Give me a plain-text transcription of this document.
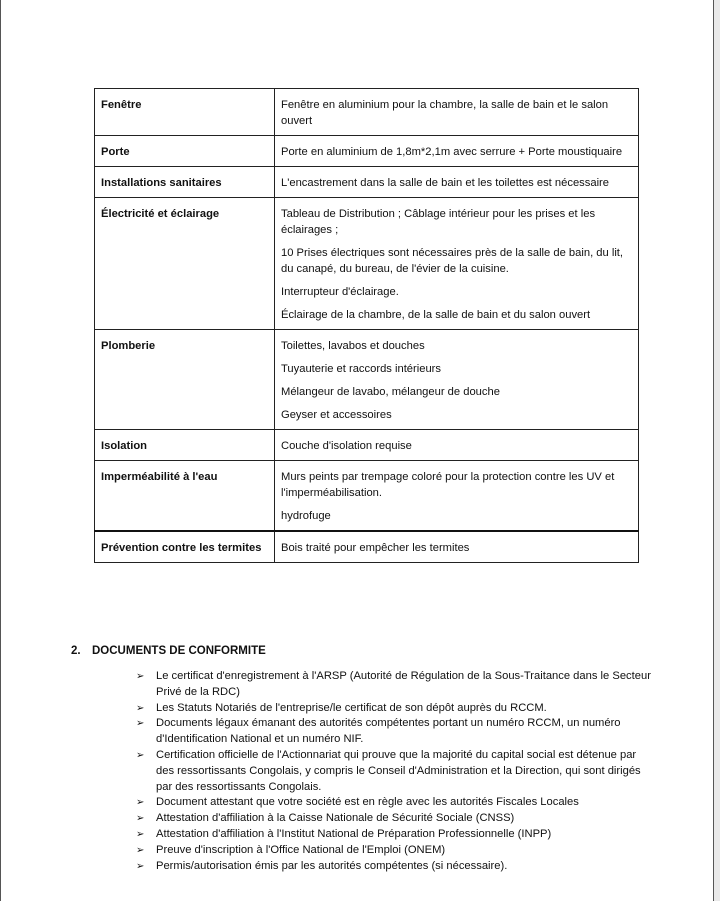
Fenêtre	Fenêtre en aluminium pour la chambre, la salle de bain et le salon ouvert

Porte	Porte en aluminium de 1,8m*2,1m avec serrure + Porte moustiquaire

Installations sanitaires	L'encastrement dans la salle de bain et les toilettes est nécessaire

Électricité et éclairage	Tableau de Distribution ; Câblage intérieur pour les prises et les éclairages ;

10 Prises électriques sont nécessaires près de la salle de bain, du lit, du canapé, du bureau, de l'évier de la cuisine.

Interrupteur d'éclairage.

Éclairage de la chambre, de la salle de bain et du salon ouvert

Plomberie	Toilettes, lavabos et douches

Tuyauterie et raccords intérieurs

Mélangeur de lavabo, mélangeur de douche

Geyser et accessoires

Isolation	Couche d'isolation requise

Imperméabilité à l'eau	Murs peints par trempage coloré pour la protection contre les UV et l'imperméabilisation.

hydrofuge

Prévention contre les termites	Bois traité pour empêcher les termites

2. DOCUMENTS DE CONFORMITE
➢ Le certificat d'enregistrement à l'ARSP (Autorité de Régulation de la Sous-Traitance dans le Secteur Privé de la RDC)
➢ Les Statuts Notariés de l'entreprise/le certificat de son dépôt auprès du RCCM.
➢ Documents légaux émanant des autorités compétentes portant un numéro RCCM, un numéro d'Identification National et un numéro NIF.
➢ Certification officielle de l'Actionnariat qui prouve que la majorité du capital social est détenue par des ressortissants Congolais, y compris le Conseil d'Administration et la Direction, qui sont dirigés par des ressortissants Congolais.
➢ Document attestant que votre société est en règle avec les autorités Fiscales Locales
➢ Attestation d'affiliation à la Caisse Nationale de Sécurité Sociale (CNSS)
➢ Attestation d'affiliation à l'Institut National de Préparation Professionnelle (INPP)
➢ Preuve d'inscription à l'Office National de l'Emploi (ONEM)
➢ Permis/autorisation émis par les autorités compétentes (si nécessaire).
